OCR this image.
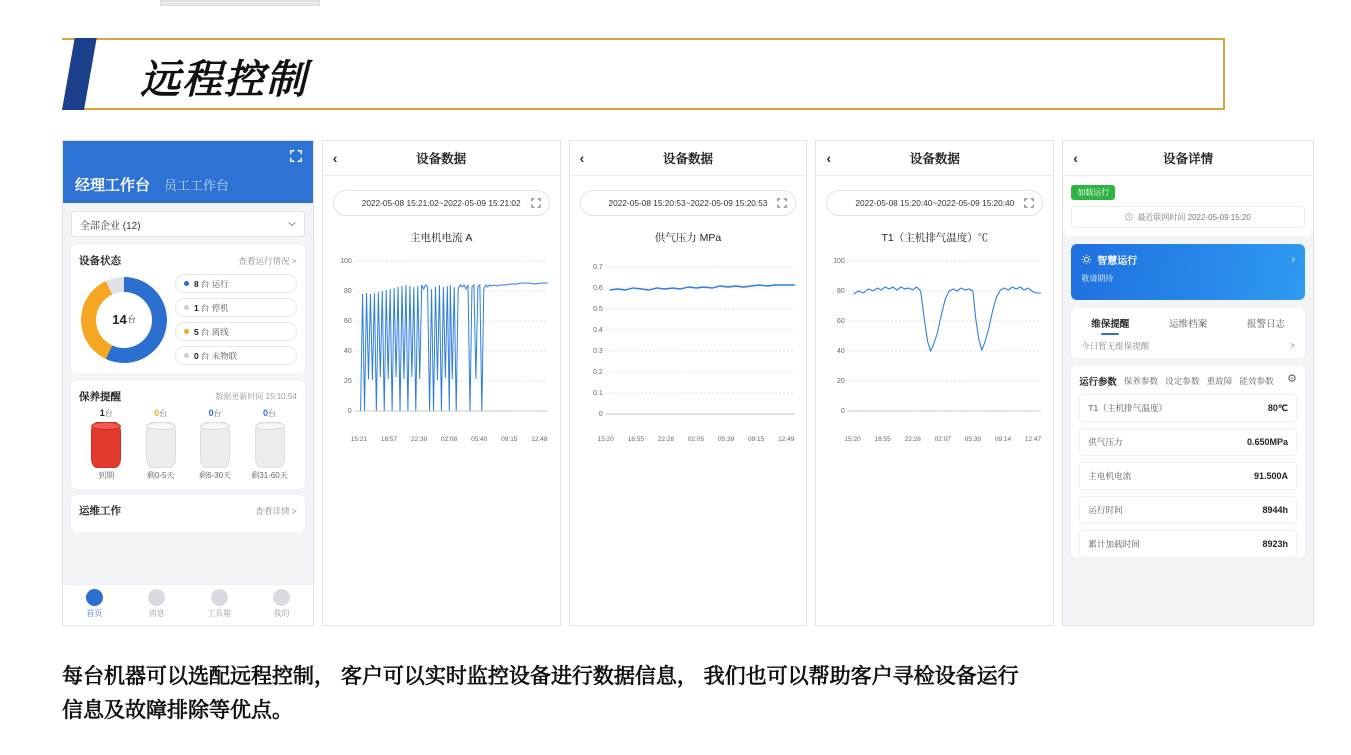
远程控制
经理工作台 员工工作台
全部企业 (12)
设备状态	查看运行情况 >
14 台
8 台 运行
1 台 停机
5 台 离线
0 台 未物联
保养提醒	数据更新时间 15:10:54
1台
到期
0台
剩0-5天
0台
剩6-30天
0台
剩31-60天
运维工作	查看详情 >
首页	消息	工具箱	我的
‹	设备数据
2022-05-08 15:21:02~2022-05-09 15:21:02
主电机电流 A
100
80
60
40
20
0
15:21 18:57 22:30 02:08 05:40 09:15 12:48
‹	设备数据
2022-05-08 15:20:53~2022-05-09 15:20:53
供气压力 MPa
0.7
0.6
0.5
0.4
0.3
0.2
0.1
0
15:20 18:55 22:28 02:05 05:39 09:15 12:49
‹	设备数据
2022-05-08 15:20:40~2022-05-09 15:20:40
T1（主机排气温度）℃
100
80
60
40
20
0
15:20 18:55 22:28 02:07 05:39 09:14 12:47
‹	设备详情
加载运行
最近联网时间 2022-05-09 15:20
智慧运行
敬请期待
›
维保提醒	运维档案	报警日志
今日暂无维保提醒	>
⚙
运行参数 保养参数 设定参数 重故障 能效参数
T1（主机排气温度）	80℃
供气压力	0.650MPa
主电机电流	91.500A
运行时间	8944h
累计加载时间	8923h
每台机器可以选配远程控制， 客户可以实时监控设备进行数据信息， 我们也可以帮助客户寻检设备运行
信息及故障排除等优点。
